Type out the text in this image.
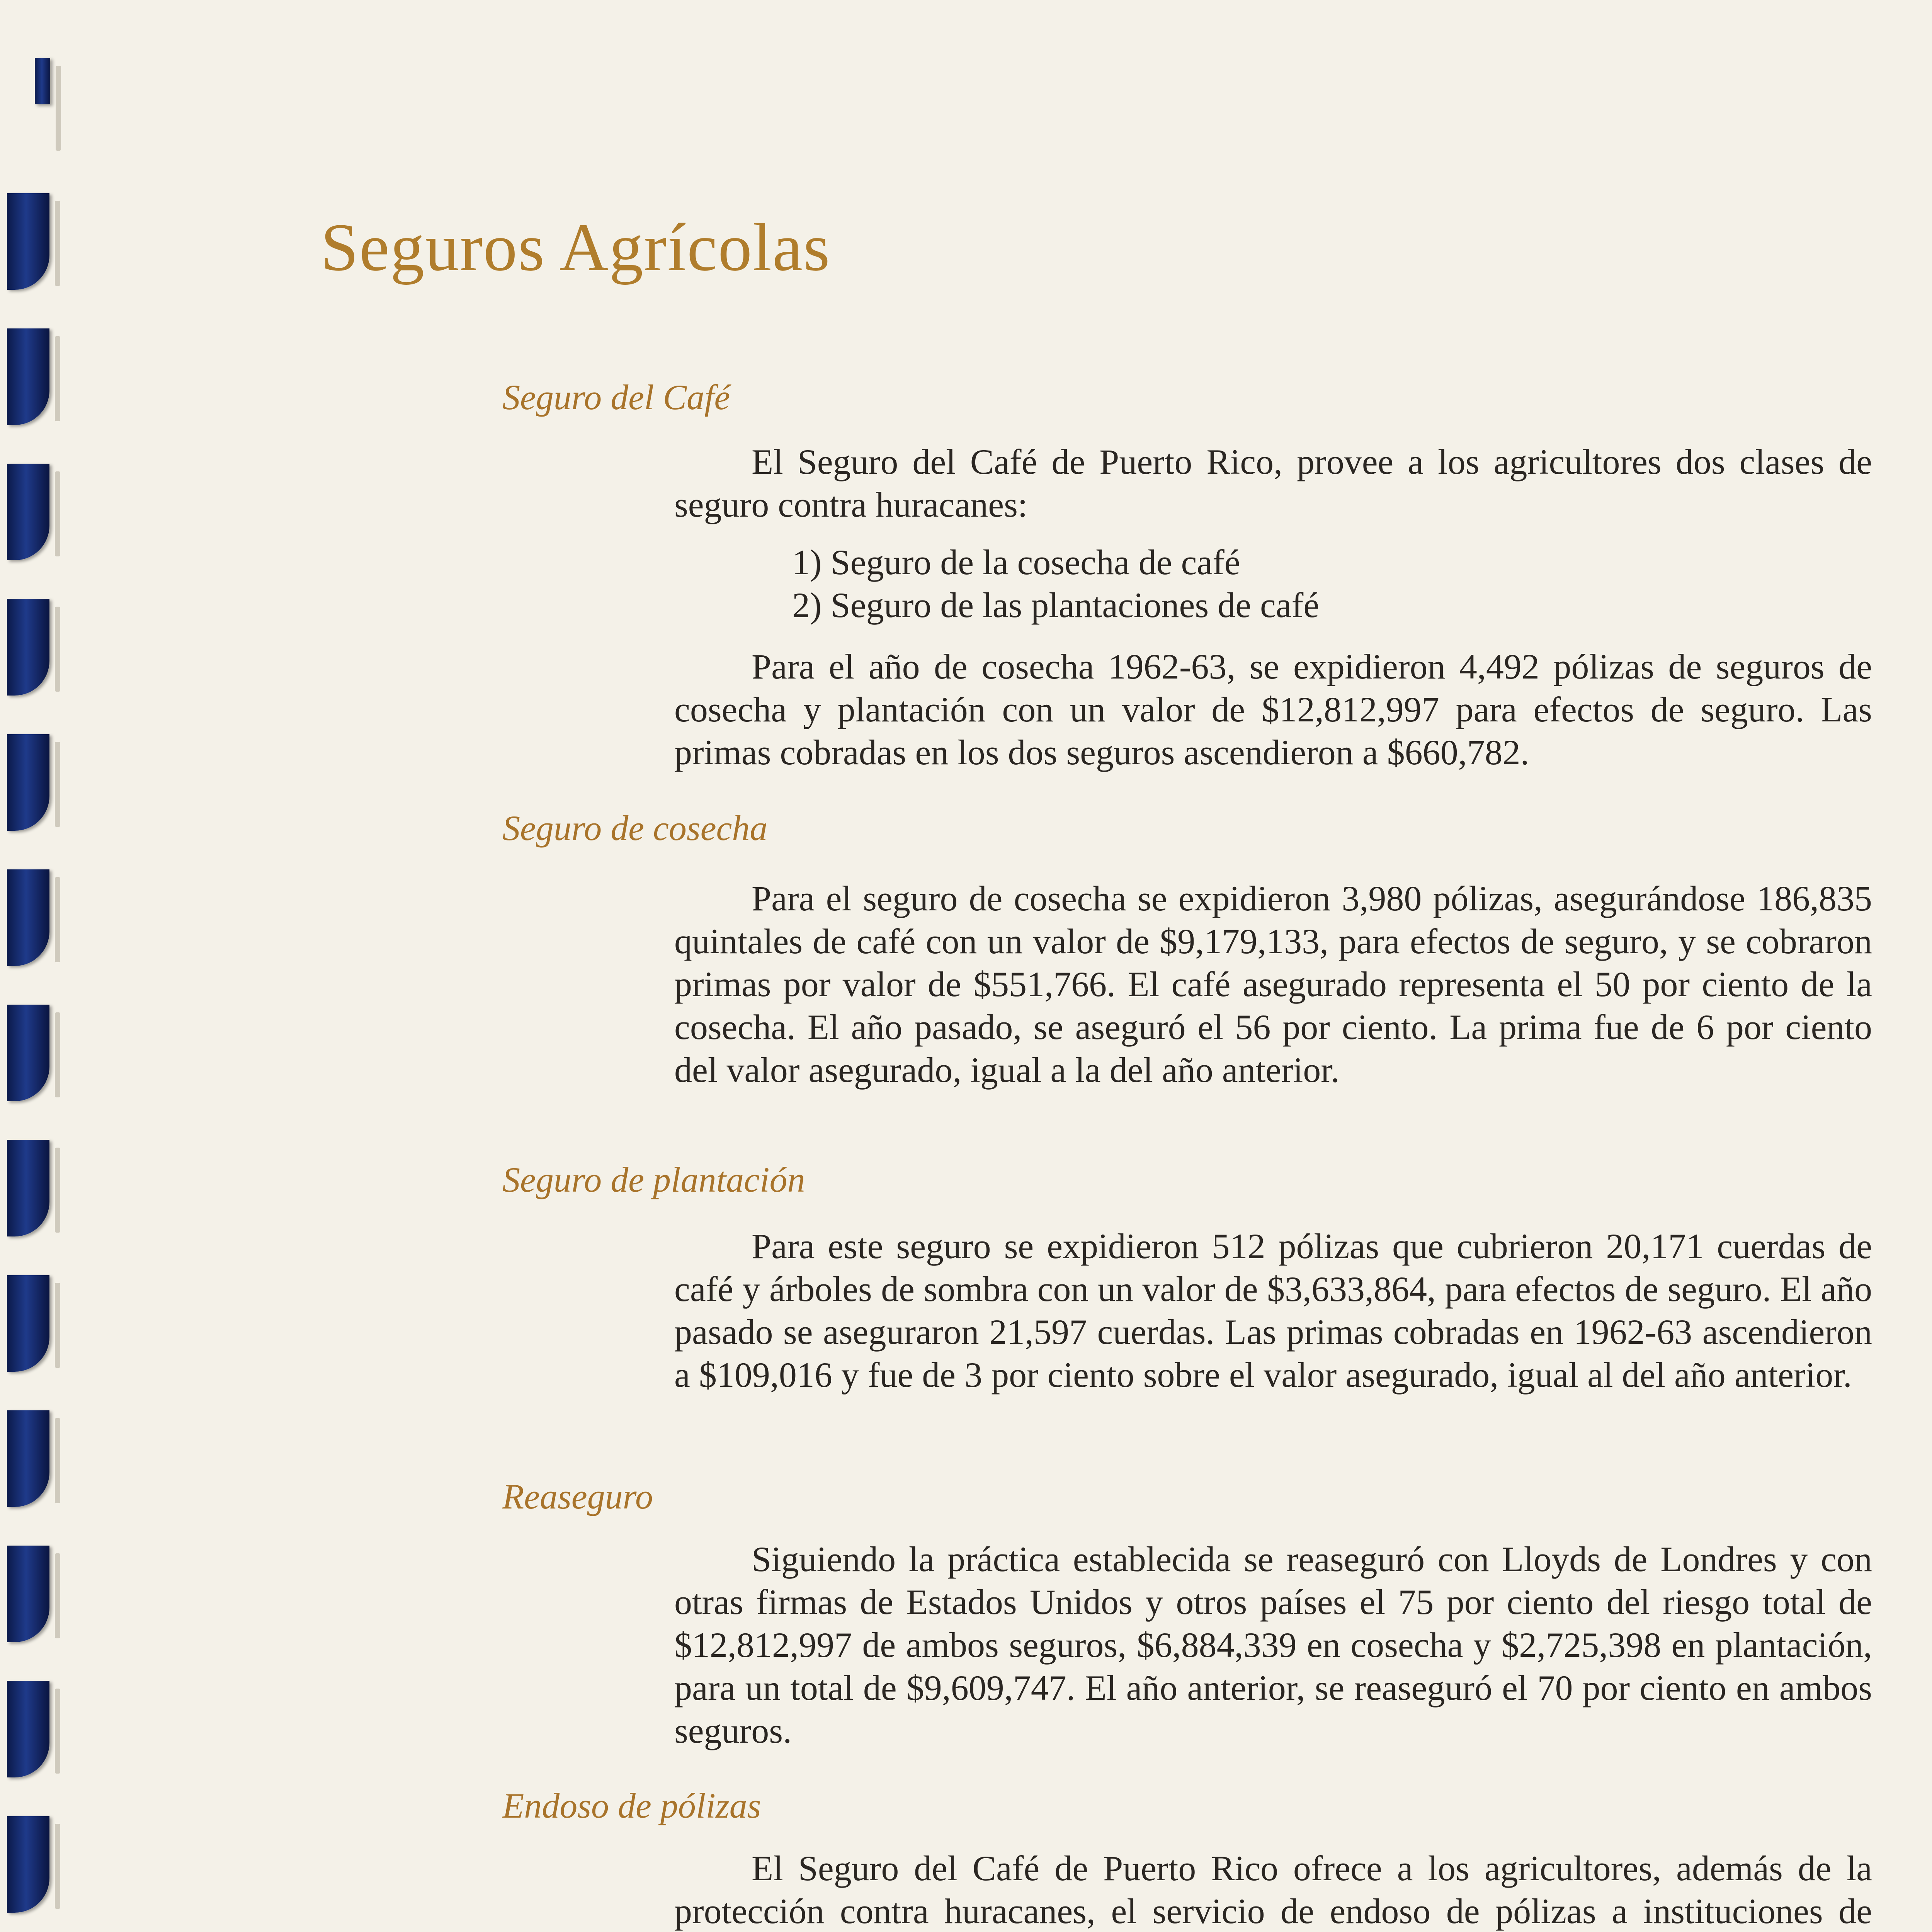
Seguros Agrícolas
Seguro del Café

El Seguro del Café de Puerto Rico, provee a los agricultores dos clases de seguro contra huracanes:

1) Seguro de la cosecha de café
2) Seguro de las plantaciones de café

Para el año de cosecha 1962-63, se expidieron 4,492 pólizas de seguros de cosecha y plantación con un valor de $12,812,997 para efectos de seguro. Las primas cobradas en los dos seguros ascendieron a $660,782.

Seguro de cosecha

Para el seguro de cosecha se expidieron 3,980 pólizas, asegurándose 186,835 quintales de café con un valor de $9,179,133, para efectos de seguro, y se cobraron primas por valor de $551,766. El café asegurado representa el 50 por ciento de la cosecha. El año pasado, se aseguró el 56 por ciento. La prima fue de 6 por ciento del valor asegurado, igual a la del año anterior.

Seguro de plantación

Para este seguro se expidieron 512 pólizas que cubrieron 20,171 cuerdas de café y árboles de sombra con un valor de $3,633,864, para efectos de seguro. El año pasado se aseguraron 21,597 cuerdas. Las primas cobradas en 1962-63 ascendieron a $109,016 y fue de 3 por ciento sobre el valor asegurado, igual al del año anterior.

Reaseguro

Siguiendo la práctica establecida se reaseguró con Lloyds de Londres y con otras firmas de Estados Unidos y otros países el 75 por ciento del riesgo total de $12,812,997 de ambos seguros, $6,884,339 en cosecha y $2,725,398 en plantación, para un total de $9,609,747. El año anterior, se reaseguró el 70 por ciento en ambos seguros.

Endoso de pólizas

El Seguro del Café de Puerto Rico ofrece a los agricultores, además de la protección contra huracanes, el servicio de endoso de pólizas a instituciones de
